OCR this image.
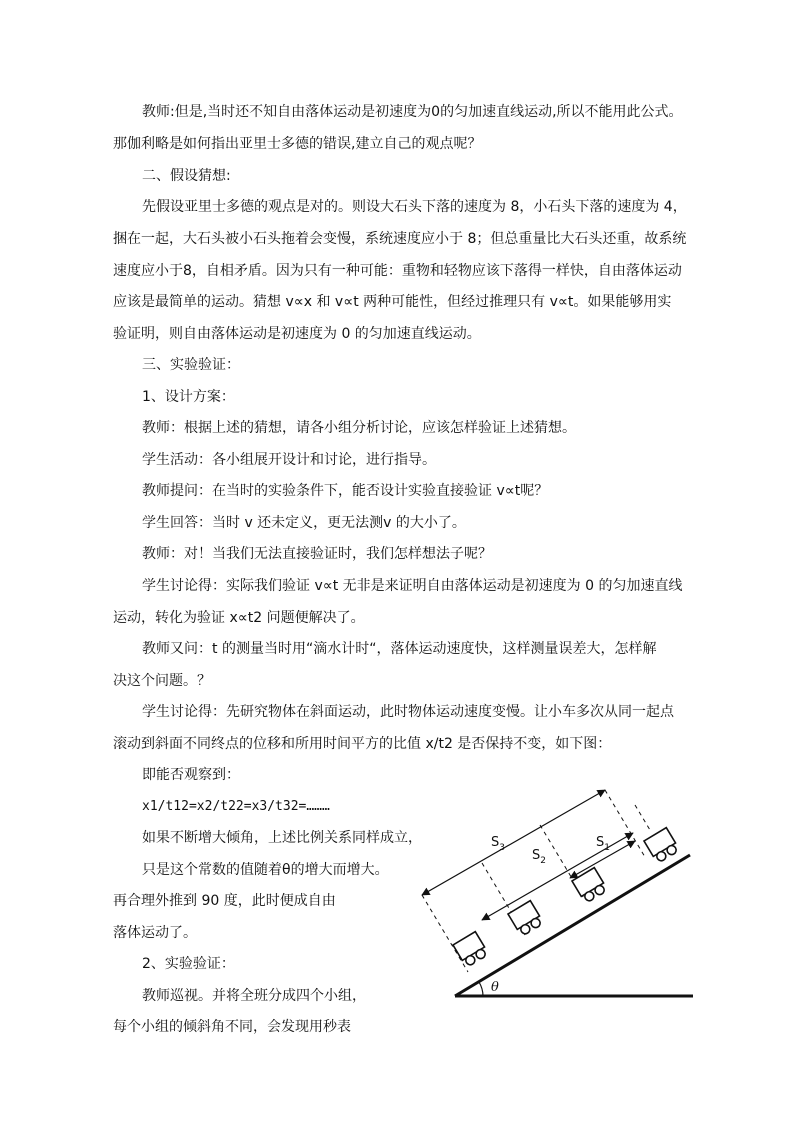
教师:但是,当时还不知自由落体运动是初速度为0的匀加速直线运动,所以不能用此公式。
那伽利略是如何指出亚里士多德的错误,建立自己的观点呢？
二、假设猜想:
先假设亚里士多德的观点是对的。则设大石头下落的速度为 8，小石头下落的速度为 4，
捆在一起，大石头被小石头拖着会变慢，系统速度应小于 8；但总重量比大石头还重，故系统
速度应小于8，自相矛盾。因为只有一种可能：重物和轻物应该下落得一样快，自由落体运动
应该是最简单的运动。猜想 v∝x 和 v∝t 两种可能性，但经过推理只有 v∝t。如果能够用实
验证明，则自由落体运动是初速度为 0 的匀加速直线运动。
三、实验验证：
1、设计方案：
教师：根据上述的猜想，请各小组分析讨论，应该怎样验证上述猜想。
学生活动：各小组展开设计和讨论，进行指导。
教师提问：在当时的实验条件下，能否设计实验直接验证 v∝t呢？
学生回答：当时 v 还未定义，更无法测v 的大小了。
教师：对！当我们无法直接验证时，我们怎样想法子呢？
学生讨论得：实际我们验证 v∝t 无非是来证明自由落体运动是初速度为 0 的匀加速直线
运动，转化为验证 x∝t2 问题便解决了。
教师又问：t 的测量当时用“滴水计时“，落体运动速度快，这样测量误差大，怎样解
决这个问题。？
学生讨论得：先研究物体在斜面运动，此时物体运动速度变慢。让小车多次从同一起点
滚动到斜面不同终点的位移和所用时间平方的比值 x/t2 是否保持不变，如下图：
即能否观察到：
x1/t12=x2/t22=x3/t32=………
如果不断增大倾角，上述比例关系同样成立，
只是这个常数的值随着θ的增大而增大。
再合理外推到 90 度，此时便成自由
落体运动了。
2、实验验证：
教师巡视。并将全班分成四个小组，
每个小组的倾斜角不同，会发现用秒表
θ
$S_3$ $S_2$
$S_1$
